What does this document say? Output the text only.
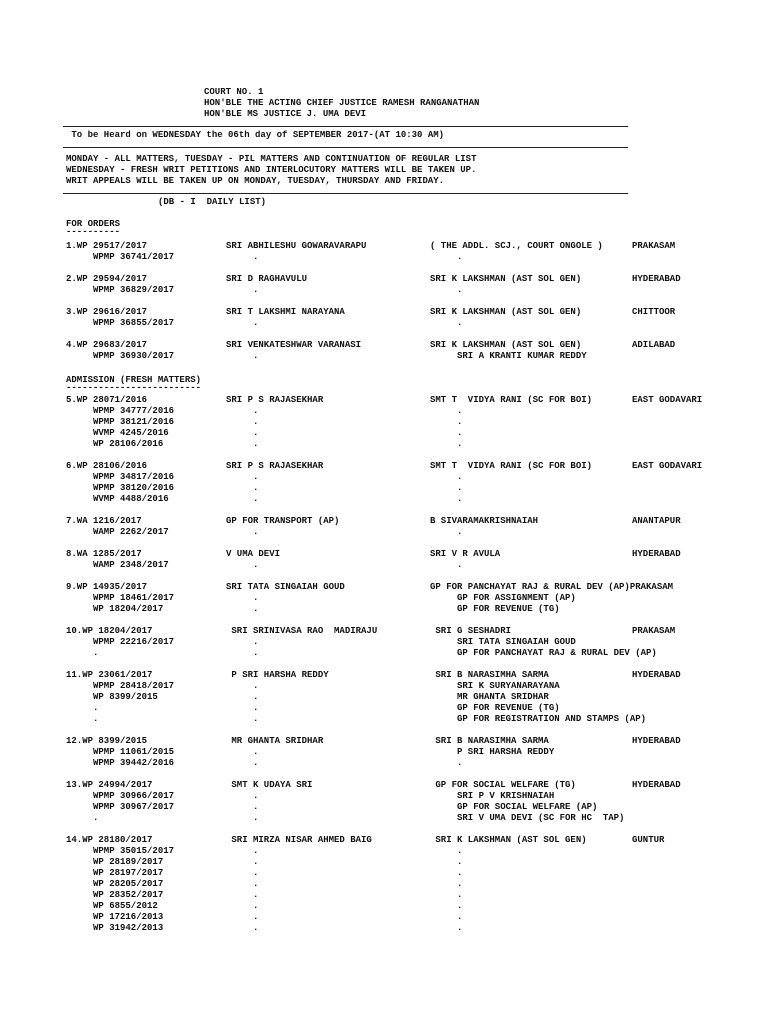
COURT NO. 1
HON'BLE THE ACTING CHIEF JUSTICE RAMESH RANGANATHAN
HON'BLE MS JUSTICE J. UMA DEVI
To be Heard on WEDNESDAY the 06th day of SEPTEMBER 2017-(AT 10:30 AM)
MONDAY - ALL MATTERS, TUESDAY - PIL MATTERS AND CONTINUATION OF REGULAR LIST
WEDNESDAY - FRESH WRIT PETITIONS AND INTERLOCUTORY MATTERS WILL BE TAKEN UP.
WRIT APPEALS WILL BE TAKEN UP ON MONDAY, TUESDAY, THURSDAY AND FRIDAY.
(DB - I  DAILY LIST)
FOR ORDERS
----------
ADMISSION (FRESH MATTERS)
-------------------------
1.WP 29517/2017	SRI ABHILESHU GOWARAVARAPU	( THE ADDL. SCJ., COURT ONGOLE )	PRAKASAM
WPMP 36741/2017	.	.
2.WP 29594/2017	SRI D RAGHAVULU	SRI K LAKSHMAN (AST SOL GEN)	HYDERABAD
WPMP 36829/2017	.	.
3.WP 29616/2017	SRI T LAKSHMI NARAYANA	SRI K LAKSHMAN (AST SOL GEN)	CHITTOOR
WPMP 36855/2017	.	.
4.WP 29683/2017	SRI VENKATESHWAR VARANASI	SRI K LAKSHMAN (AST SOL GEN)	ADILABAD
WPMP 36930/2017	.	SRI A KRANTI KUMAR REDDY
5.WP 28071/2016	SRI P S RAJASEKHAR	SMT T  VIDYA RANI (SC FOR BOI)	EAST GODAVARI
WPMP 34777/2016	.	.
WPMP 38121/2016	.	.
WVMP 4245/2016	.	.
WP 28106/2016	.	.
6.WP 28106/2016	SRI P S RAJASEKHAR	SMT T  VIDYA RANI (SC FOR BOI)	EAST GODAVARI
WPMP 34817/2016	.	.
WPMP 38120/2016	.	.
WVMP 4488/2016	.	.
7.WA 1216/2017	GP FOR TRANSPORT (AP)	B SIVARAMAKRISHNAIAH	ANANTAPUR
WAMP 2262/2017	.	.
8.WA 1285/2017	V UMA DEVI	SRI V R AVULA	HYDERABAD
WAMP 2348/2017	.	.
9.WP 14935/2017	SRI TATA SINGAIAH GOUD	GP FOR PANCHAYAT RAJ & RURAL DEV (AP)PRAKASAM
WPMP 18461/2017	.	GP FOR ASSIGNMENT (AP)
WP 18204/2017	.	GP FOR REVENUE (TG)
10.WP 18204/2017	SRI SRINIVASA RAO  MADIRAJU	SRI G SESHADRI	PRAKASAM
WPMP 22216/2017	.	SRI TATA SINGAIAH GOUD
.	.	GP FOR PANCHAYAT RAJ & RURAL DEV (AP)
11.WP 23061/2017	P SRI HARSHA REDDY	SRI B NARASIMHA SARMA	HYDERABAD
WPMP 28418/2017	.	SRI K SURYANARAYANA
WP 8399/2015	.	MR GHANTA SRIDHAR
.	.	GP FOR REVENUE (TG)
.	.	GP FOR REGISTRATION AND STAMPS (AP)
12.WP 8399/2015	MR GHANTA SRIDHAR	SRI B NARASIMHA SARMA	HYDERABAD
WPMP 11061/2015	.	P SRI HARSHA REDDY
WPMP 39442/2016	.	.
13.WP 24994/2017	SMT K UDAYA SRI	GP FOR SOCIAL WELFARE (TG)	HYDERABAD
WPMP 30966/2017	.	SRI P V KRISHNAIAH
WPMP 30967/2017	.	GP FOR SOCIAL WELFARE (AP)
.	.	SRI V UMA DEVI (SC FOR HC  TAP)
14.WP 28180/2017	SRI MIRZA NISAR AHMED BAIG	SRI K LAKSHMAN (AST SOL GEN)	GUNTUR
WPMP 35015/2017	.	.
WP 28189/2017	.	.
WP 28197/2017	.	.
WP 28205/2017	.	.
WP 28352/2017	.	.
WP 6855/2012	.	.
WP 17216/2013	.	.
WP 31942/2013	.	.
